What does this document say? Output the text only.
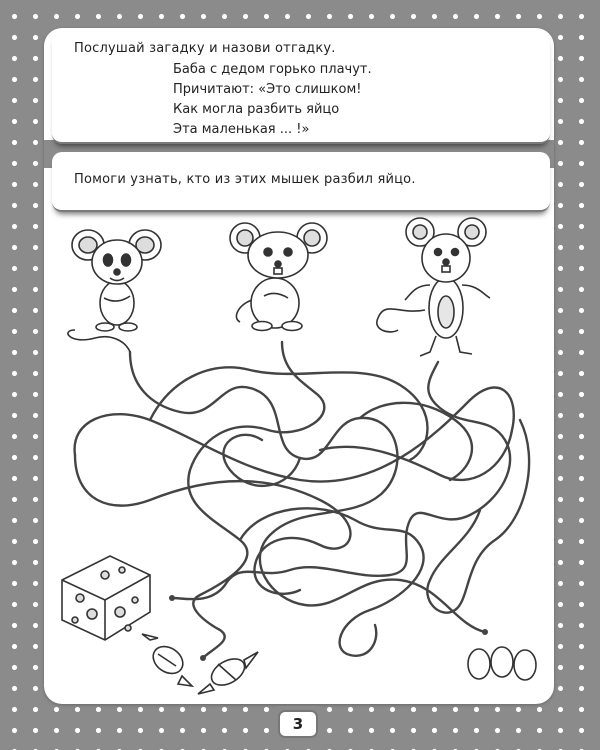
Послушай загадку и назови отгадку.
Баба с дедом горько плачут.
Причитают: «Это слишком!
Как могла разбить яйцо
Эта маленькая ... !»
Помоги узнать, кто из этих мышек разбил яйцо.
3
